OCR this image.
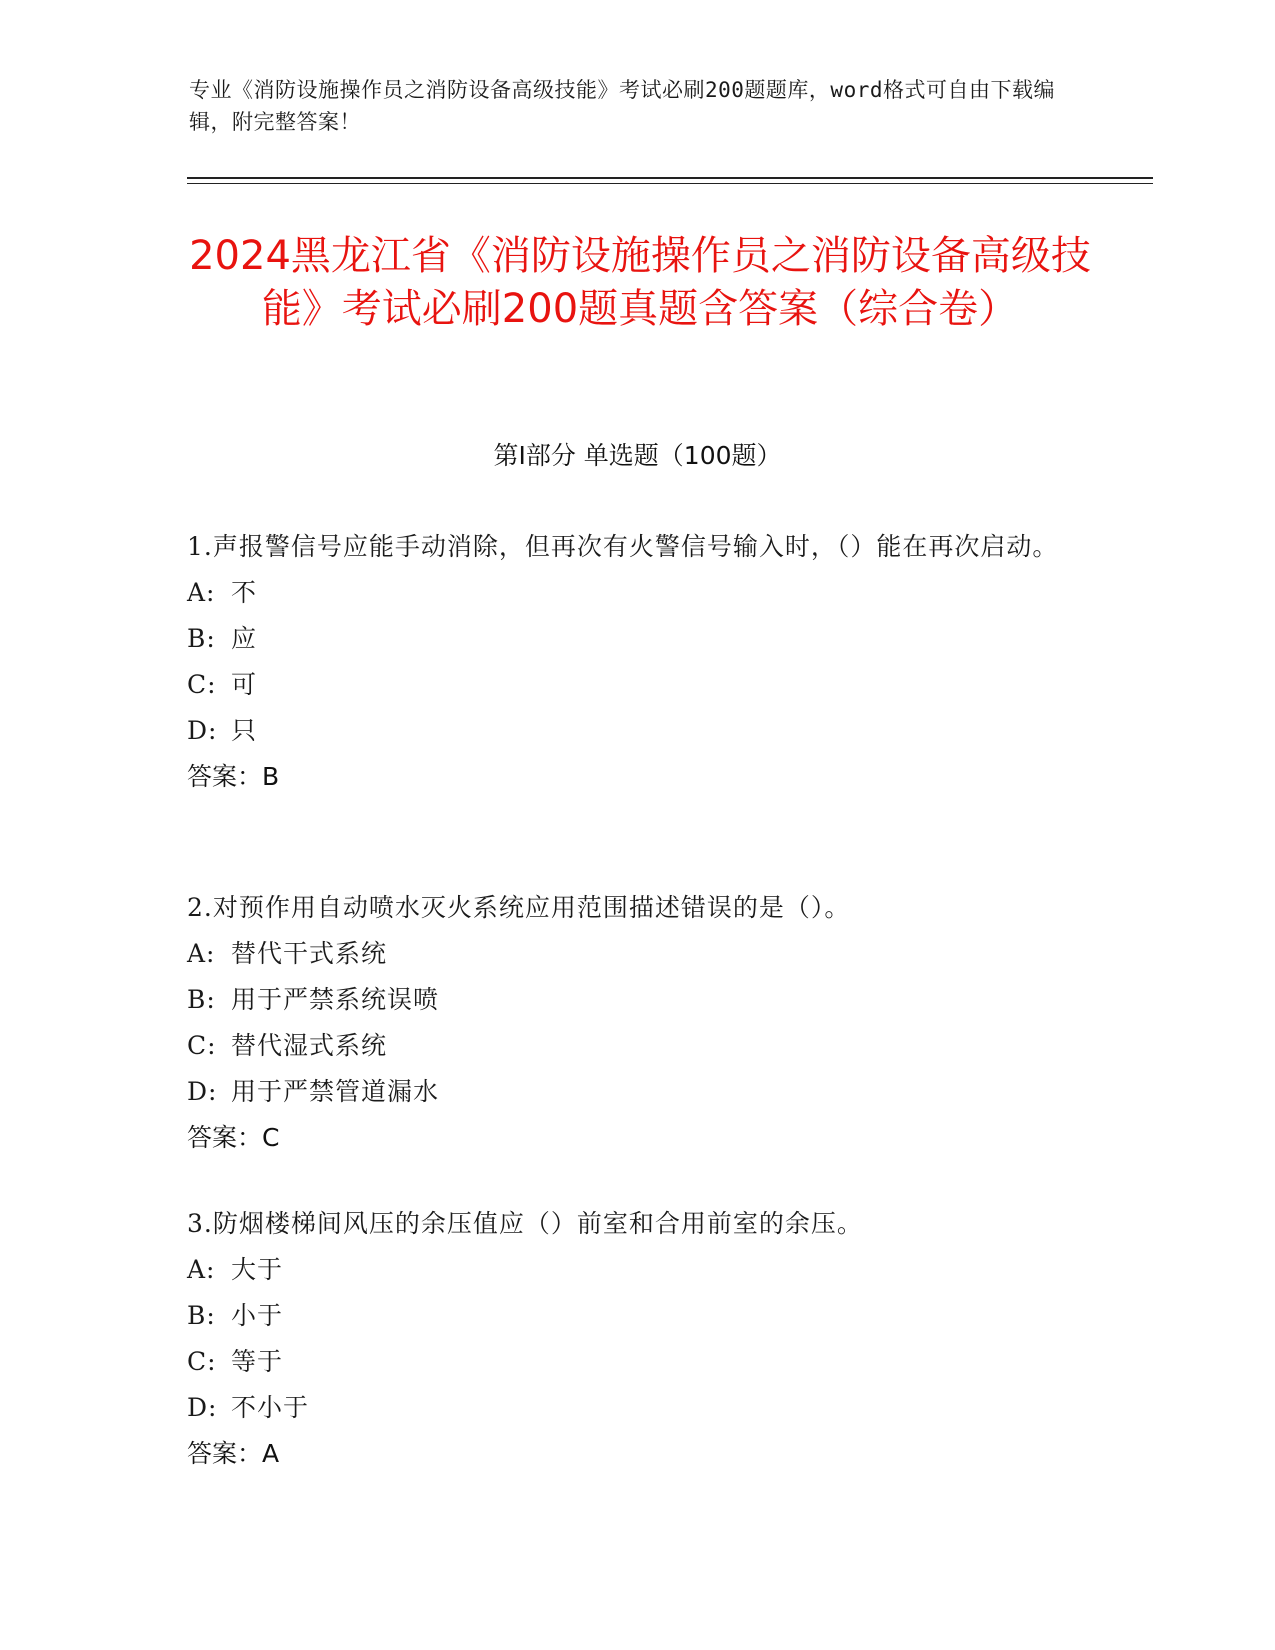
专业《消防设施操作员之消防设备高级技能》考试必刷200题题库，word格式可自由下载编辑，附完整答案！
2024黑龙江省《消防设施操作员之消防设备高级技能》考试必刷200题真题含答案（综合卷）
第Ⅰ部分 单选题（100题）
1.声报警信号应能手动消除，但再次有火警信号输入时，（）能在再次启动。
A: 不
B: 应
C: 可
D: 只
答案：B
2.对预作用自动喷水灭火系统应用范围描述错误的是（）。
A: 替代干式系统
B: 用于严禁系统误喷
C: 替代湿式系统
D: 用于严禁管道漏水
答案：C
3.防烟楼梯间风压的余压值应（）前室和合用前室的余压。
A: 大于
B: 小于
C: 等于
D: 不小于
答案：A
